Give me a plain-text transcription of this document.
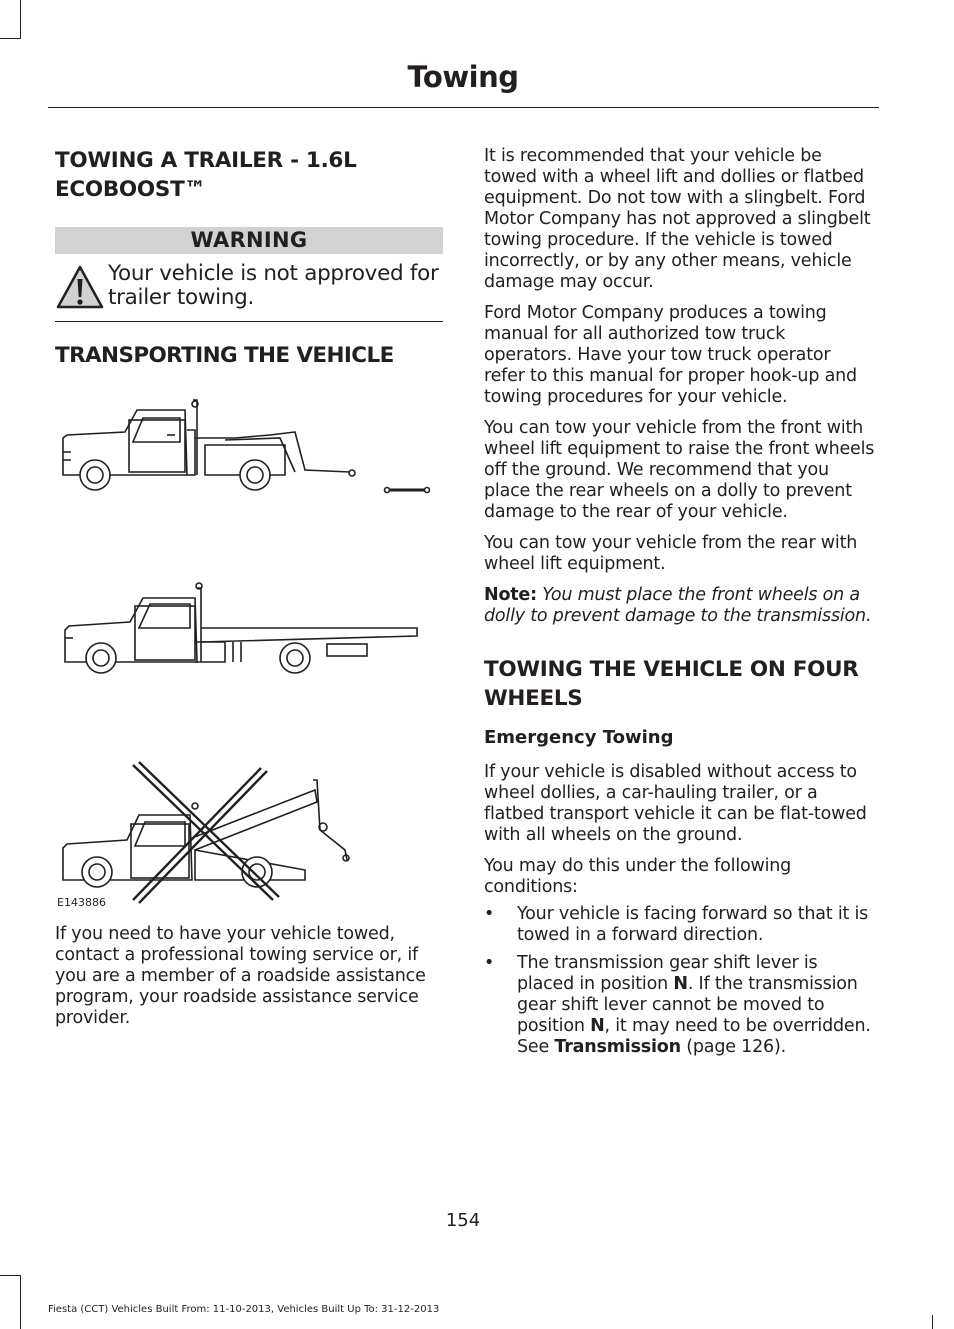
Towing
TOWING A TRAILER - 1.6L ECOBOOST™
WARNING
Your vehicle is not approved for trailer towing.
TRANSPORTING THE VEHICLE
E143886
If you need to have your vehicle towed, contact a professional towing service or, if you are a member of a roadside assistance program, your roadside assistance service provider.

It is recommended that your vehicle be towed with a wheel lift and dollies or flatbed equipment. Do not tow with a slingbelt. Ford Motor Company has not approved a slingbelt towing procedure. If the vehicle is towed incorrectly, or by any other means, vehicle damage may occur.

Ford Motor Company produces a towing manual for all authorized tow truck operators. Have your tow truck operator refer to this manual for proper hook-up and towing procedures for your vehicle.

You can tow your vehicle from the front with wheel lift equipment to raise the front wheels off the ground. We recommend that you place the rear wheels on a dolly to prevent damage to the rear of your vehicle.

You can tow your vehicle from the rear with wheel lift equipment.

Note: You must place the front wheels on a dolly to prevent damage to the transmission.

TOWING THE VEHICLE ON FOUR WHEELS
Emergency Towing

If your vehicle is disabled without access to wheel dollies, a car-hauling trailer, or a flatbed transport vehicle it can be flat-towed with all wheels on the ground.

You may do this under the following conditions:

• Your vehicle is facing forward so that it is towed in a forward direction.
• The transmission gear shift lever is placed in position N. If the transmission gear shift lever cannot be moved to position N, it may need to be overridden. See Transmission (page 126).
154
Fiesta (CCT) Vehicles Built From: 11-10-2013, Vehicles Built Up To: 31-12-2013
